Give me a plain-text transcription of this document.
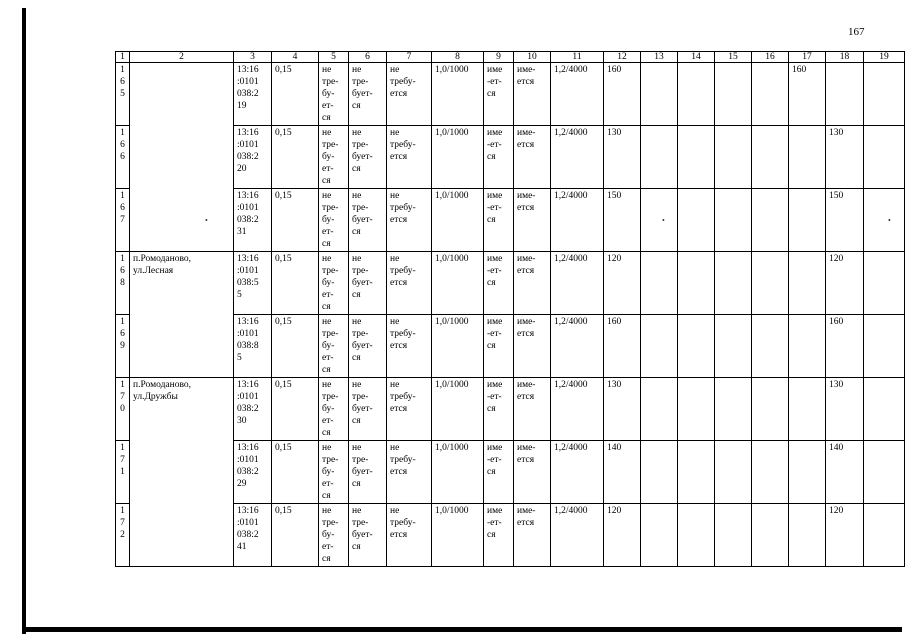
167
1	2	3	4	5	6	7	8	9	10	11	12	13	14	15	16	17	18	19
1
6
5		13:16
:0101
038:2
19	0,15	не
тре-
бу-
ет-
ся	не
тре-
бует-
ся	не
требу-
ется	1,0/1000	име
-ет-
ся	име-
ется	1,2/4000	160					160		
1
6
6		13:16
:0101
038:2
20	0,15	не
тре-
бу-
ет-
ся	не
тре-
бует-
ся	не
требу-
ется	1,0/1000	име
-ет-
ся	име-
ется	1,2/4000	130						130	
1
6
7		13:16
:0101
038:2
31	0,15	не
тре-
бу-
ет-
ся	не
тре-
бует-
ся	не
требу-
ется	1,0/1000	име
-ет-
ся	име-
ется	1,2/4000	150						150	
1
6
8	п.Ромоданово,
ул.Лесная	13:16
:0101
038:5
5	0,15	не
тре-
бу-
ет-
ся	не
тре-
бует-
ся	не
требу-
ется	1,0/1000	име
-ет-
ся	име-
ется	1,2/4000	120						120	
1
6
9		13:16
:0101
038:8
5	0,15	не
тре-
бу-
ет-
ся	не
тре-
бует-
ся	не
требу-
ется	1,0/1000	име
-ет-
ся	име-
ется	1,2/4000	160						160	
1
7
0	п.Ромоданово,
ул.Дружбы	13:16
:0101
038:2
30	0,15	не
тре-
бу-
ет-
ся	не
тре-
бует-
ся	не
требу-
ется	1,0/1000	име
-ет-
ся	име-
ется	1,2/4000	130						130	
1
7
1		13:16
:0101
038:2
29	0,15	не
тре-
бу-
ет-
ся	не
тре-
бует-
ся	не
требу-
ется	1,0/1000	име
-ет-
ся	име-
ется	1,2/4000	140						140	
1
7
2		13:16
:0101
038:2
41	0,15	не
тре-
бу-
ет-
ся	не
тре-
бует-
ся	не
требу-
ется	1,0/1000	име
-ет-
ся	име-
ется	1,2/4000	120						120	
•	•	•
